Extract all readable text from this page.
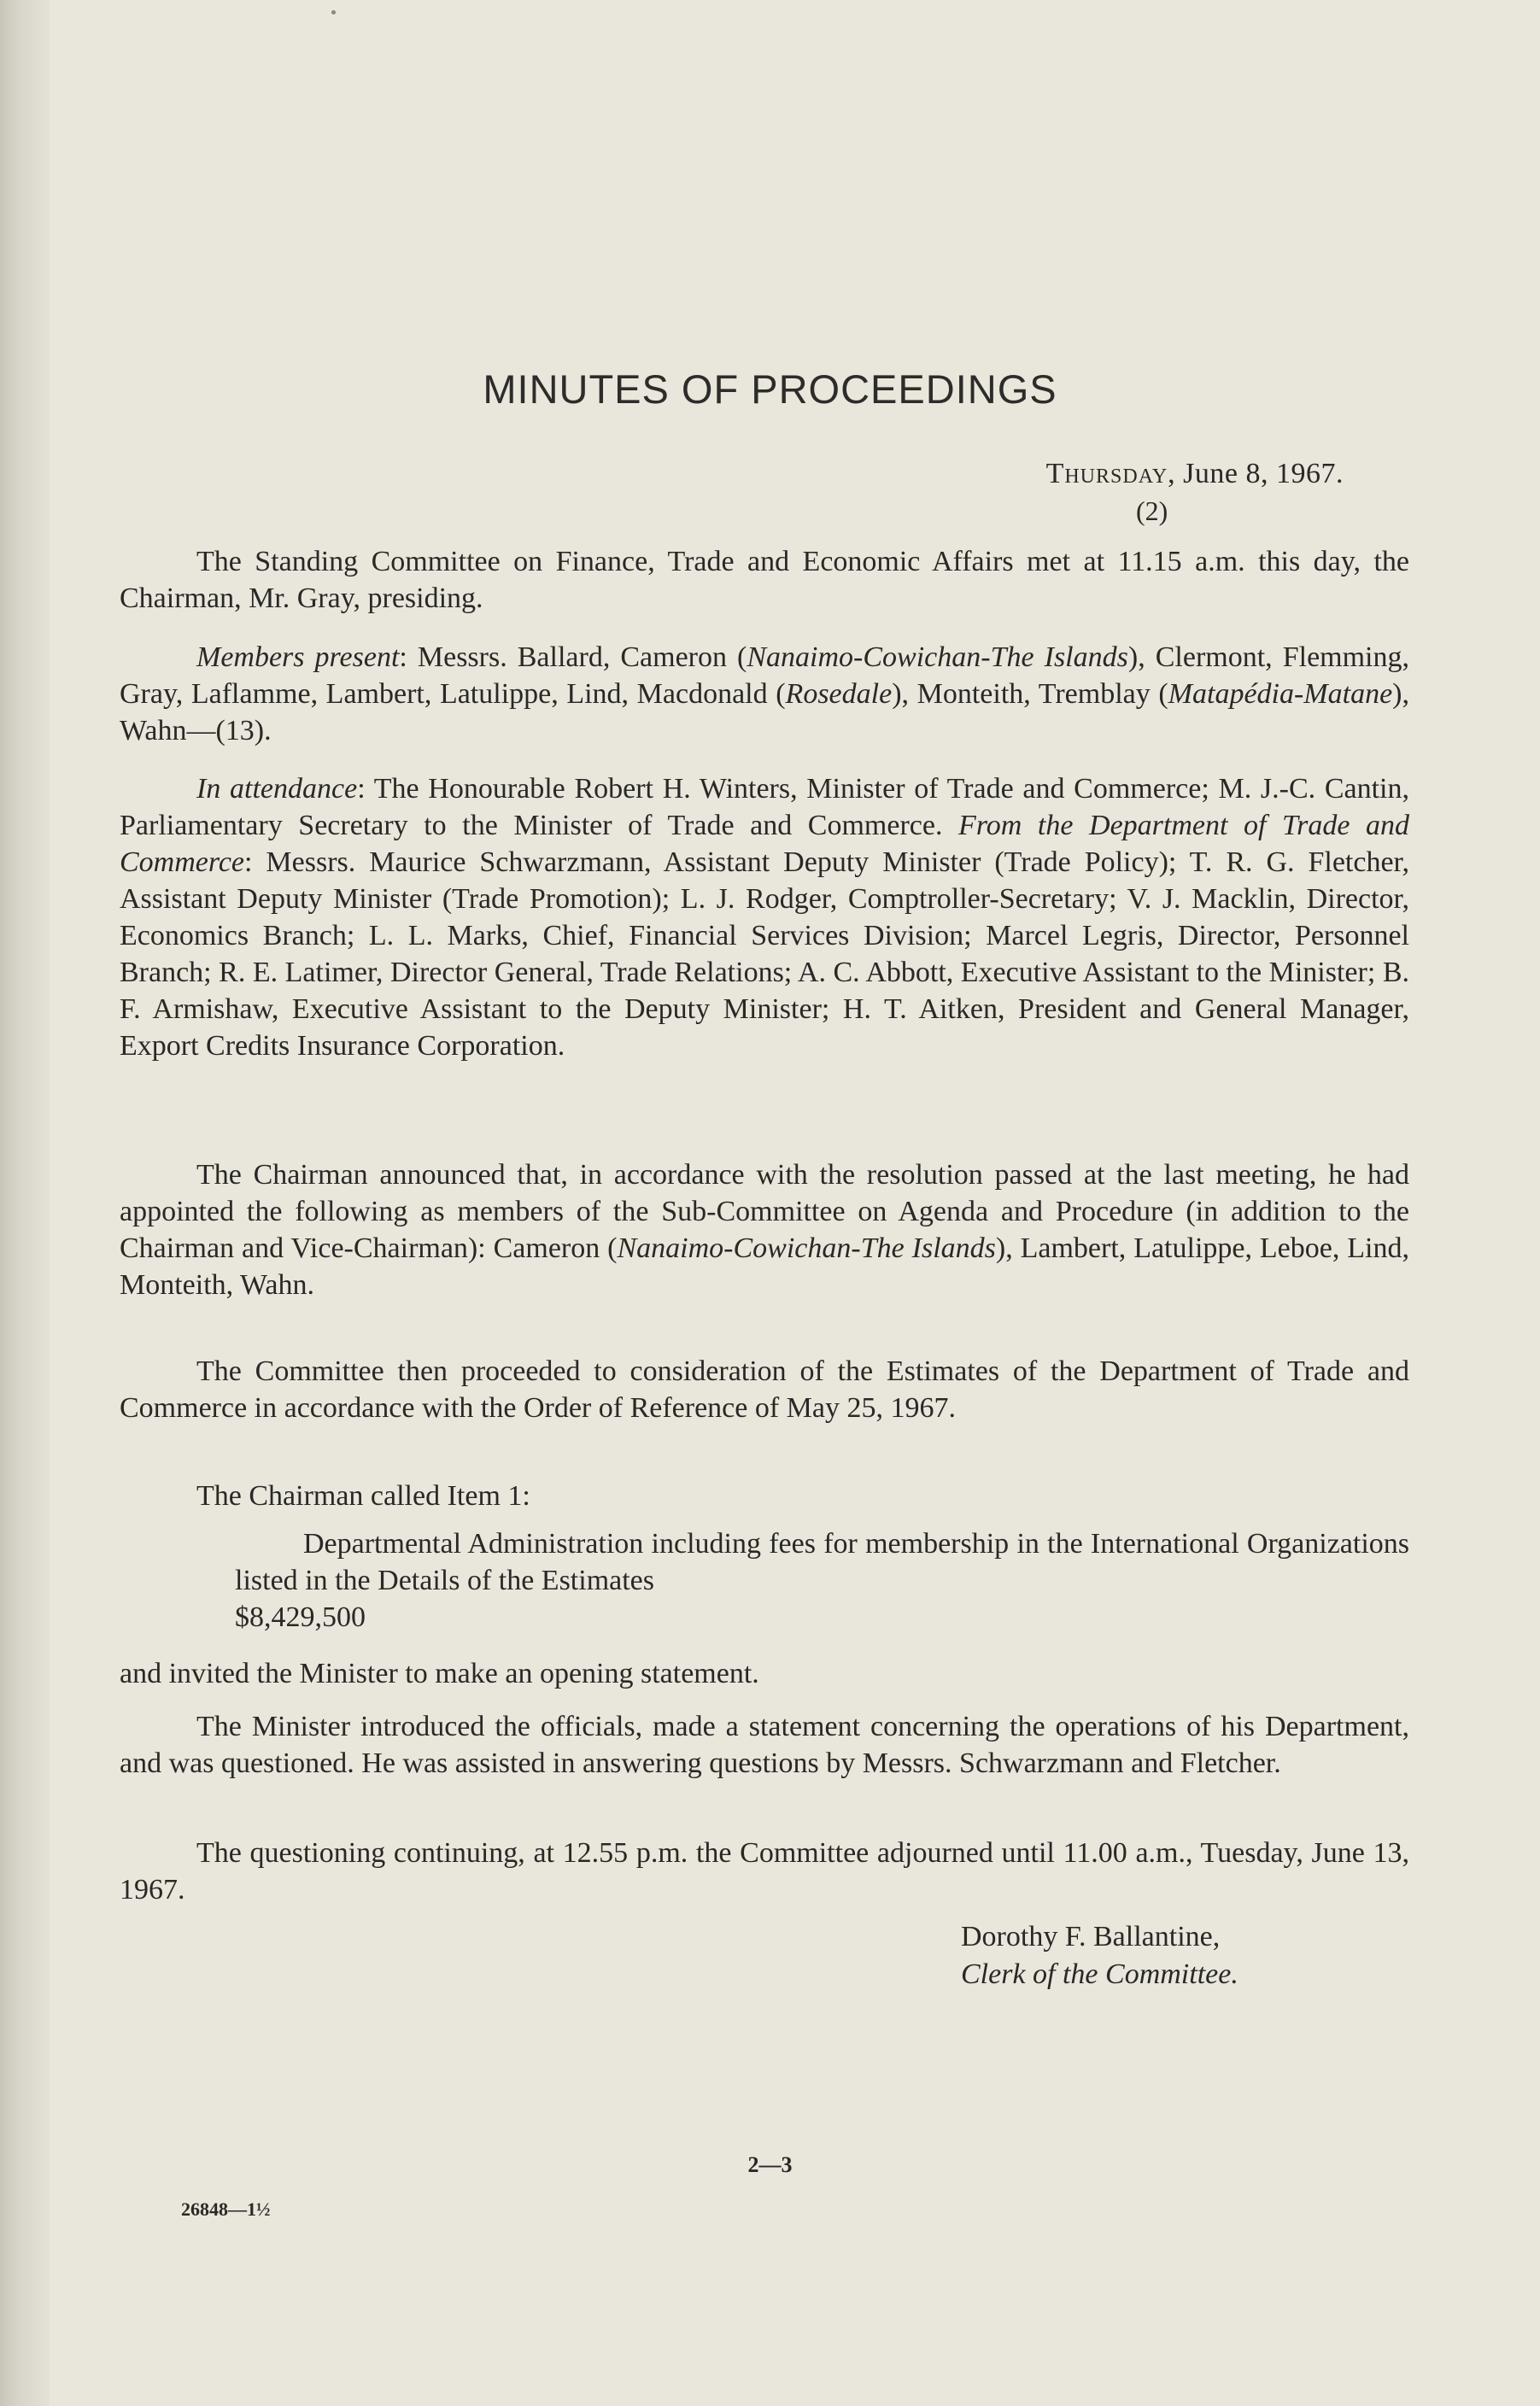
MINUTES OF PROCEEDINGS
Thursday, June 8, 1967.
(2)
The Standing Committee on Finance, Trade and Economic Affairs met at 11.15 a.m. this day, the Chairman, Mr. Gray, presiding.
Members present: Messrs. Ballard, Cameron (Nanaimo-Cowichan-The Islands), Clermont, Flemming, Gray, Laflamme, Lambert, Latulippe, Lind, Macdonald (Rosedale), Monteith, Tremblay (Matapédia-Matane), Wahn—(13).
In attendance: The Honourable Robert H. Winters, Minister of Trade and Commerce; M. J.-C. Cantin, Parliamentary Secretary to the Minister of Trade and Commerce. From the Department of Trade and Commerce: Messrs. Maurice Schwarzmann, Assistant Deputy Minister (Trade Policy); T. R. G. Fletcher, Assistant Deputy Minister (Trade Promotion); L. J. Rodger, Comptroller-Secretary; V. J. Macklin, Director, Economics Branch; L. L. Marks, Chief, Financial Services Division; Marcel Legris, Director, Personnel Branch; R. E. Latimer, Director General, Trade Relations; A. C. Abbott, Executive Assistant to the Minister; B. F. Armishaw, Executive Assistant to the Deputy Minister; H. T. Aitken, President and General Manager, Export Credits Insurance Corporation.
The Chairman announced that, in accordance with the resolution passed at the last meeting, he had appointed the following as members of the Sub-Committee on Agenda and Procedure (in addition to the Chairman and Vice-Chairman): Cameron (Nanaimo-Cowichan-The Islands), Lambert, Latulippe, Leboe, Lind, Monteith, Wahn.
The Committee then proceeded to consideration of the Estimates of the Department of Trade and Commerce in accordance with the Order of Reference of May 25, 1967.
The Chairman called Item 1:
Departmental Administration including fees for membership in the International Organizations listed in the Details of the Estimates
$8,429,500
and invited the Minister to make an opening statement.
The Minister introduced the officials, made a statement concerning the operations of his Department, and was questioned. He was assisted in answering questions by Messrs. Schwarzmann and Fletcher.
The questioning continuing, at 12.55 p.m. the Committee adjourned until 11.00 a.m., Tuesday, June 13, 1967.
Dorothy F. Ballantine,
Clerk of the Committee.
2—3
26848—1½
